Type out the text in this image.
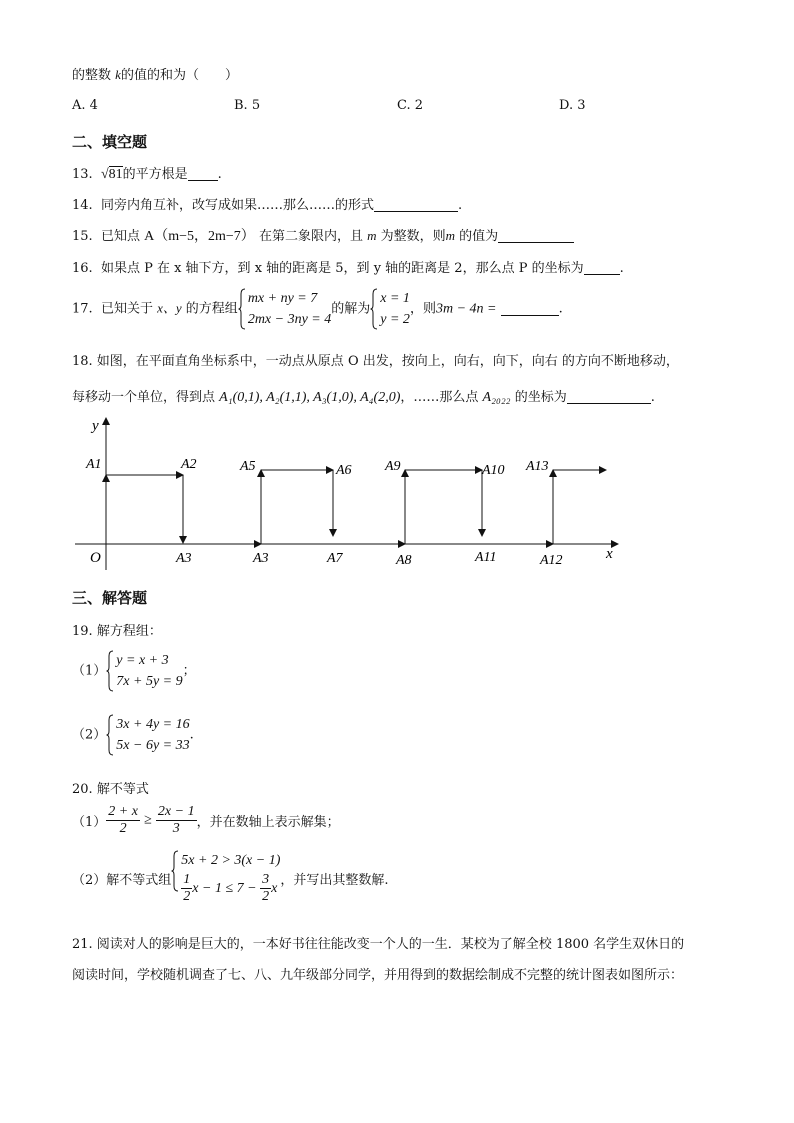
的整数 k的值的和为（　　）
A. 4	B. 5	C. 2	D. 3
二、填空题
13. √81的平方根是 .
14. 同旁内角互补，改写成如果……那么……的形式	.
15. 已知点 A（m−5，2m−7） 在第二象限内，且 m 为整数，则m 的值为
16. 如果点 P 在 x 轴下方，到 x 轴的距离是 5，到 y 轴的距离是 2，那么点 P 的坐标为	.
17. 已知关于 x、y 的方程组
mx + ny = 7
2mx − 3ny = 4
的解为
x = 1
y = 2
，则3m − 4n =	.
18. 如图，在平面直角坐标系中，一动点从原点 O 出发，按向上，向右，向下，向右 的方向不断地移动，
每移动一个单位，得到点 A₁(0,1), A₂(1,1), A₃(1,0), A₄(2,0)，……那么点 A₂₀₂₂ 的坐标为	.
y
x
O
A1	A2
A3	A3
A5	A6
A7	A8
A9	A10
A11	A12
A13
三、解答题
19. 解方程组：
（1）
y = x + 3
7x + 5y = 9
；
（2）
3x + 4y = 16
5x − 6y = 33
.
20. 解不等式
$(1) \frac{2 + x}{2} \ge \frac{2x - 1}{3}$ ，并在数轴上表示解集；
（2）解不等式组
5x + 2 > 3(x − 1)
$\frac{1}{2}$ $x - 1 \le 7 - \frac{3}{2}$ x
，并写出其整数解.
21. 阅读对人的影响是巨大的，一本好书往往能改变一个人的一生．某校为了解全校 1800 名学生双休日的
阅读时间，学校随机调查了七、八、九年级部分同学，并用得到的数据绘制成不完整的统计图表如图所示：
